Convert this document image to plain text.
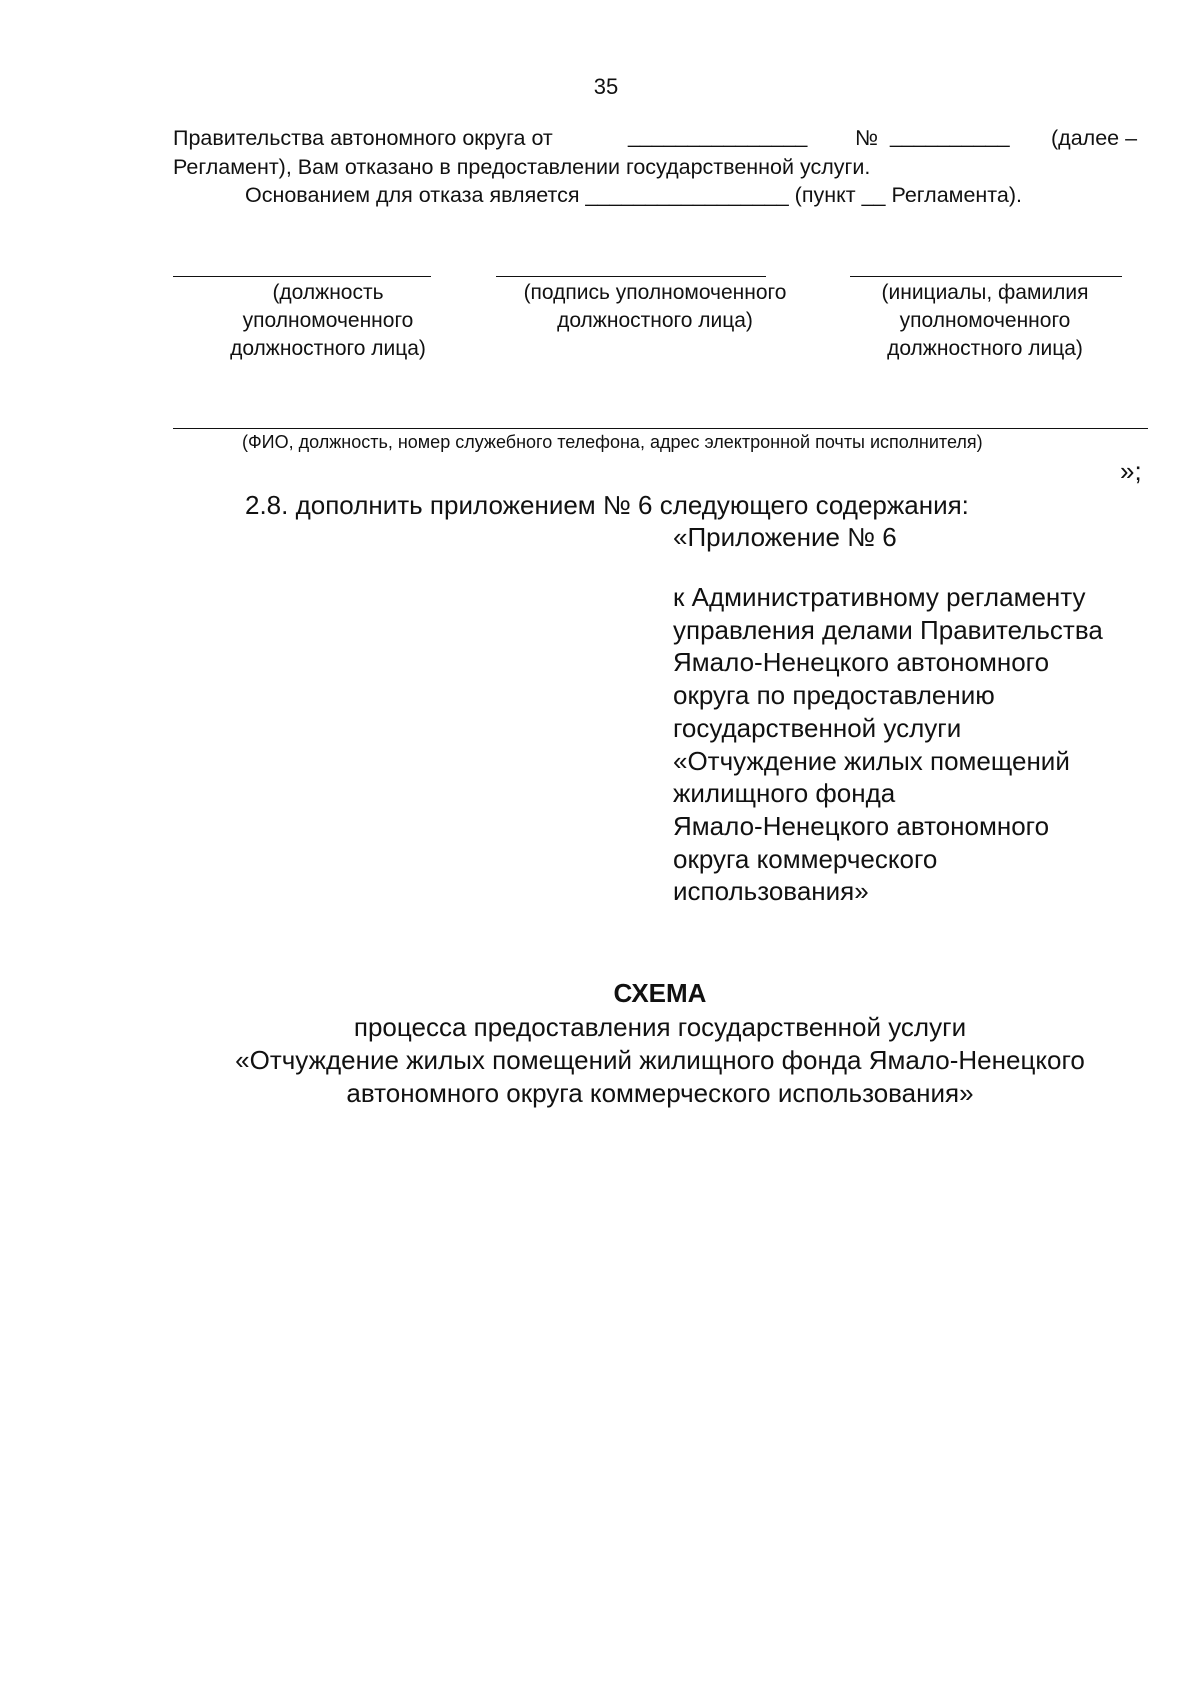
35
Правительства автономного округа от	_______________ № __________ (далее –
Регламент), Вам отказано в предоставлении государственной услуги.
Основанием для отказа является _________________ (пункт __ Регламента).
(должность
уполномоченного
должностного лица)
(подпись уполномоченного
должностного лица)
(инициалы, фамилия
уполномоченного
должностного лица)
(ФИО, должность, номер служебного телефона, адрес электронной почты исполнителя)
»;
2.8. дополнить приложением № 6 следующего содержания:
«Приложение № 6
к Административному регламенту
управления делами Правительства
Ямало-Ненецкого автономного
округа по предоставлению
государственной услуги
«Отчуждение жилых помещений
жилищного фонда
Ямало-Ненецкого автономного
округа коммерческого
использования»
СХЕМА
процесса предоставления государственной услуги
«Отчуждение жилых помещений жилищного фонда Ямало-Ненецкого
автономного округа коммерческого использования»
